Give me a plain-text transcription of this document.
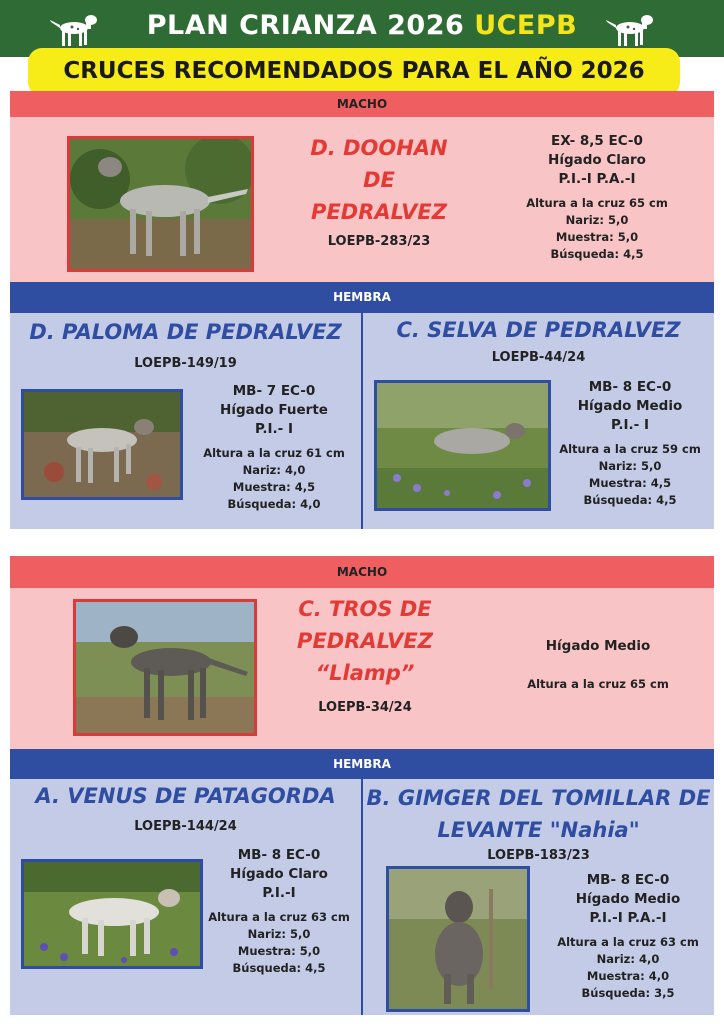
PLAN CRIANZA 2026 UCEPB
CRUCES RECOMENDADOS PARA EL AÑO 2026
MACHO
D. DOOHAN
DE
PEDRALVEZ
LOEPB-283/23
EX- 8,5 EC-0
Hígado Claro
P.I.-I P.A.-I
Altura a la cruz 65 cm
Nariz: 5,0
Muestra: 5,0
Búsqueda: 4,5
HEMBRA
D. PALOMA DE PEDRALVEZ
LOEPB-149/19
MB- 7 EC-0
Hígado Fuerte
P.I.- I
Altura a la cruz 61 cm
Nariz: 4,0
Muestra: 4,5
Búsqueda: 4,0
C. SELVA DE PEDRALVEZ
LOEPB-44/24
MB- 8 EC-0
Hígado Medio
P.I.- I
Altura a la cruz 59 cm
Nariz: 5,0
Muestra: 4,5
Búsqueda: 4,5
MACHO
C. TROS DE
PEDRALVEZ
“Llamp”
LOEPB-34/24
Hígado Medio
Altura a la cruz 65 cm
HEMBRA
A. VENUS DE PATAGORDA
LOEPB-144/24
MB- 8 EC-0
Hígado Claro
P.I.-I
Altura a la cruz 63 cm
Nariz: 5,0
Muestra: 5,0
Búsqueda: 4,5
B. GIMGER DEL TOMILLAR DE
LEVANTE "Nahia"
LOEPB-183/23
MB- 8 EC-0
Hígado Medio
P.I.-I P.A.-I
Altura a la cruz 63 cm
Nariz: 4,0
Muestra: 4,0
Búsqueda: 3,5
